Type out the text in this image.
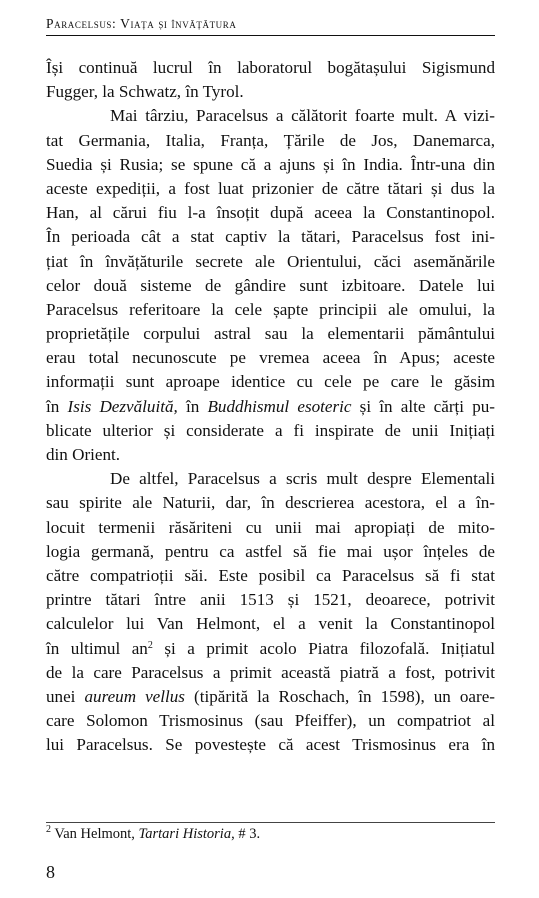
Paracelsus: Viața și învățătura
Își continuă lucrul în laboratorul bogătașului Sigismund
Fugger, la Schwatz, în Tyrol.
Mai târziu, Paracelsus a călătorit foarte mult. A vizi-
tat Germania, Italia, Franța, Țările de Jos, Danemarca,
Suedia și Rusia; se spune că a ajuns și în India. Într-una din
aceste expediții, a fost luat prizonier de către tătari și dus la
Han, al cărui fiu l-a însoțit după aceea la Constantinopol.
În perioada cât a stat captiv la tătari, Paracelsus fost ini-
țiat în învățăturile secrete ale Orientului, căci asemănările
celor două sisteme de gândire sunt izbitoare. Datele lui
Paracelsus referitoare la cele șapte principii ale omului, la
proprietățile corpului astral sau la elementarii pământului
erau total necunoscute pe vremea aceea în Apus; aceste
informații sunt aproape identice cu cele pe care le găsim
în Isis Dezvăluită, în Buddhismul esoteric și în alte cărți pu-
blicate ulterior și considerate a fi inspirate de unii Inițiați
din Orient.
De altfel, Paracelsus a scris mult despre Elementali
sau spirite ale Naturii, dar, în descrierea acestora, el a în-
locuit termenii răsăriteni cu unii mai apropiați de mito-
logia germană, pentru ca astfel să fie mai ușor înțeles de
către compatrioții săi. Este posibil ca Paracelsus să fi stat
printre tătari între anii 1513 și 1521, deoarece, potrivit
calculelor lui Van Helmont, el a venit la Constantinopol
în ultimul $an^2$ și a primit acolo Piatra filozofală. Inițiatul
de la care Paracelsus a primit această piatră a fost, potrivit
unei aureum vellus (tipărită la Roschach, în 1598), un oare-
care Solomon Trismosinus (sau Pfeiffer), un compatriot al
lui Paracelsus. Se povestește că acest Trismosinus era în
$^2$ Van Helmont, Tartari Historia, # 3.
8
